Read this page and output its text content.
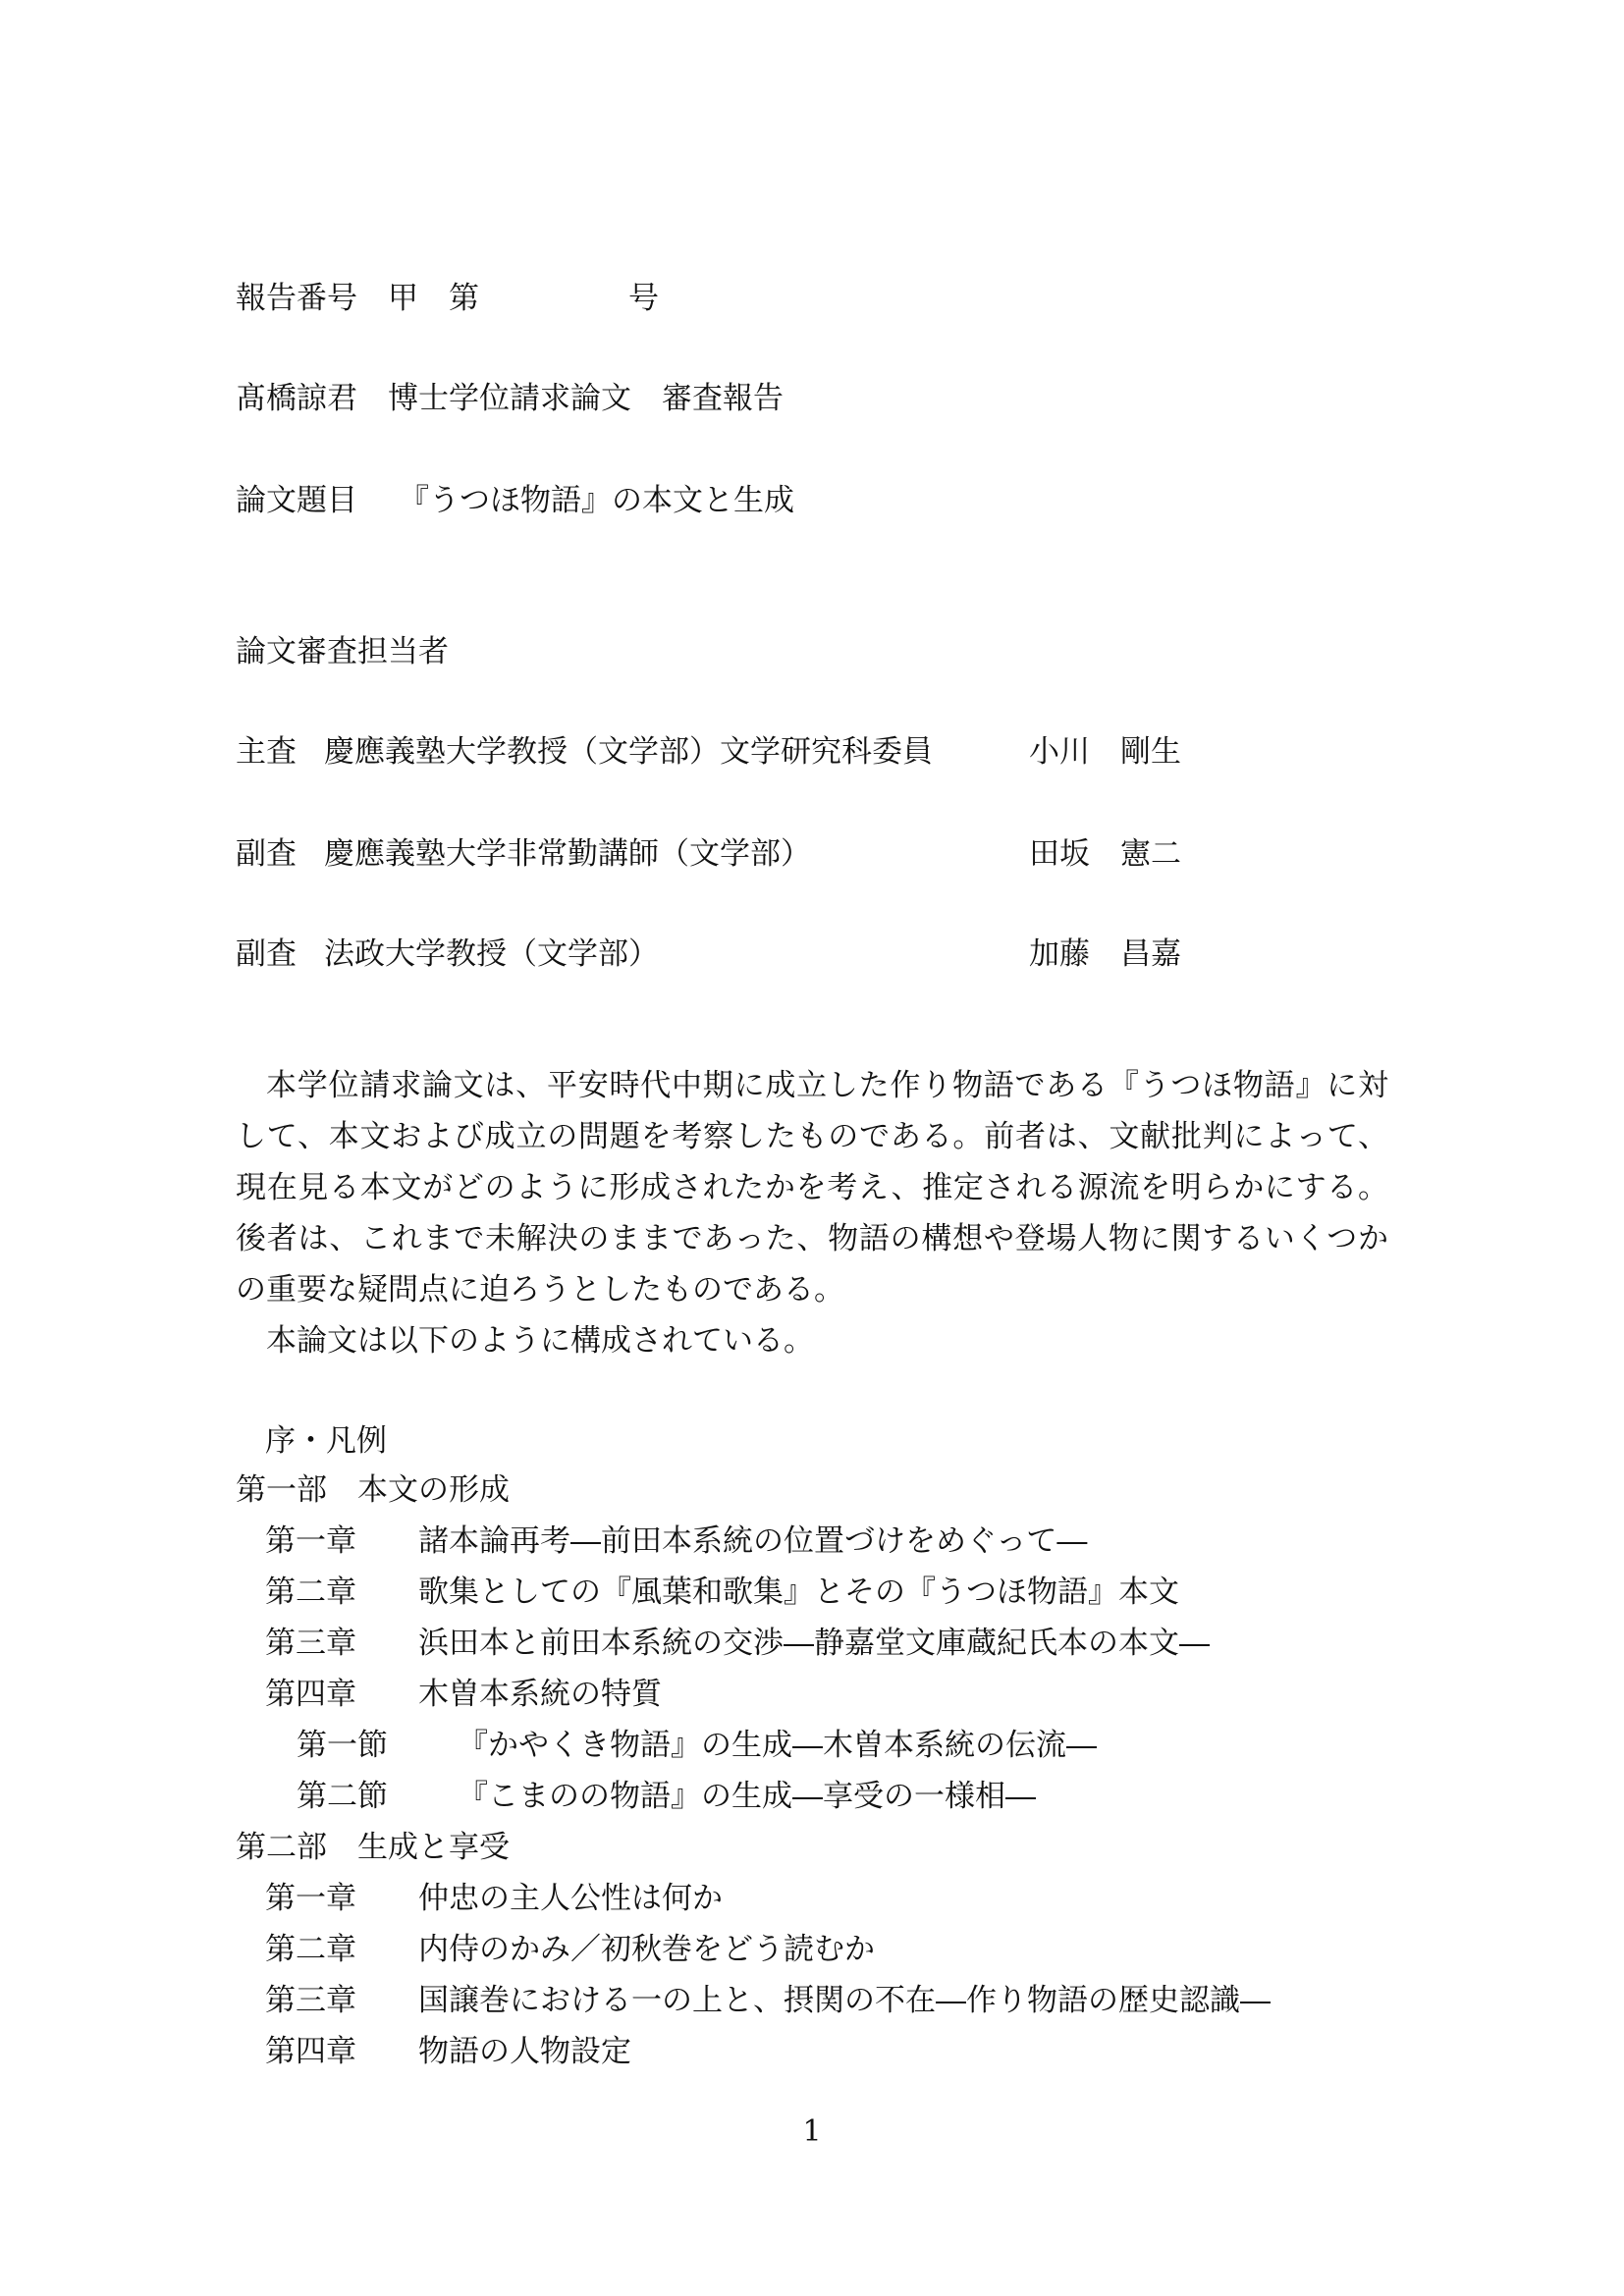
報告番号　甲　第	号
髙橋諒君　博士学位請求論文　審査報告
論文題目 『うつほ物語』の本文と生成
論文審査担当者
主査 慶應義塾大学教授（文学部）文学研究科委員	小川　剛生
副査 慶應義塾大学非常勤講師（文学部）	田坂　憲二
副査 法政大学教授（文学部）	加藤　昌嘉
本学位請求論文は、平安時代中期に成立した作り物語である『うつほ物語』に対して、本文および成立の問題を考察したものである。前者は、文献批判によって、現在見る本文がどのように形成されたかを考え、推定される源流を明らかにする。後者は、これまで未解決のままであった、物語の構想や登場人物に関するいくつかの重要な疑問点に迫ろうとしたものである。
本論文は以下のように構成されている。
序・凡例
第一部　本文の形成
第一章 諸本論再考―前田本系統の位置づけをめぐって―
第二章 歌集としての『風葉和歌集』とその『うつほ物語』本文
第三章 浜田本と前田本系統の交渉―静嘉堂文庫蔵紀氏本の本文―
第四章 木曽本系統の特質
第一節 『かやくき物語』の生成―木曽本系統の伝流―
第二節 『こまのの物語』の生成―享受の一様相―
第二部　生成と享受
第一章 仲忠の主人公性は何か
第二章 内侍のかみ／初秋巻をどう読むか
第三章 国譲巻における一の上と、摂関の不在―作り物語の歴史認識―
第四章 物語の人物設定
1
